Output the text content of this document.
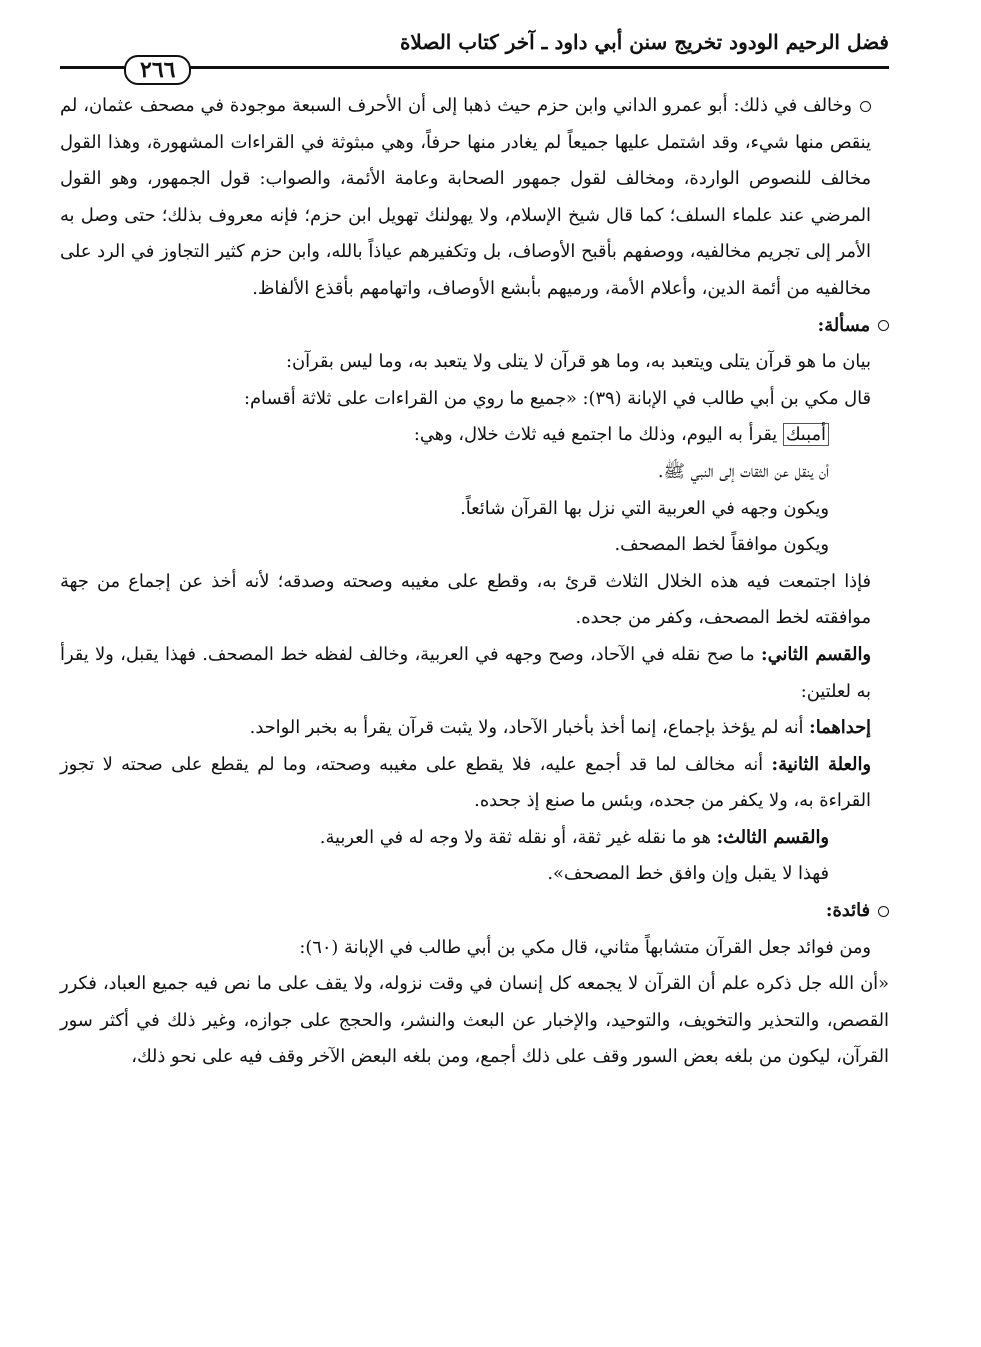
فضل الرحيم الودود تخريج سنن أبي داود ـ آخر كتاب الصلاة
٢٦٦

وخالف في ذلك: أبو عمرو الداني وابن حزم حيث ذهبا إلى أن الأحرف السبعة موجودة في مصحف عثمان، لم ينقص منها شيء، وقد اشتمل عليها جميعاً لم يغادر منها حرفاً، وهي مبثوثة في القراءات المشهورة، وهذا القول مخالف للنصوص الواردة، ومخالف لقول جمهور الصحابة وعامة الأئمة، والصواب: قول الجمهور، وهو القول المرضي عند علماء السلف؛ كما قال شيخ الإسلام، ولا يهولنك تهويل ابن حزم؛ فإنه معروف بذلك؛ حتى وصل به الأمر إلى تجريم مخالفيه، ووصفهم بأقبح الأوصاف، بل وتكفيرهم عياذاً بالله، وابن حزم كثير التجاوز في الرد على مخالفيه من أئمة الدين، وأعلام الأمة، ورميهم بأبشع الأوصاف، واتهامهم بأقذع الألفاظ.

مسألة:

بيان ما هو قرآن يتلى ويتعبد به، وما هو قرآن لا يتلى ولا يتعبد به، وما ليس بقرآن:

قال مكي بن أبي طالب في الإبانة (٣٩): «جميع ما روي من القراءات على ثلاثة أقسام:

أمبىك يقرأ به اليوم، وذلك ما اجتمع فيه ثلاث خلال، وهي:

أن ينقل عن الثقات إلى النبي ﷺ.

ويكون وجهه في العربية التي نزل بها القرآن شائعاً.

ويكون موافقاً لخط المصحف.

فإذا اجتمعت فيه هذه الخلال الثلاث قرئ به، وقطع على مغيبه وصحته وصدقه؛ لأنه أخذ عن إجماع من جهة موافقته لخط المصحف، وكفر من جحده.

والقسم الثاني: ما صح نقله في الآحاد، وصح وجهه في العربية، وخالف لفظه خط المصحف. فهذا يقبل، ولا يقرأ به لعلتين:

إحداهما: أنه لم يؤخذ بإجماع، إنما أخذ بأخبار الآحاد، ولا يثبت قرآن يقرأ به بخبر الواحد.

والعلة الثانية: أنه مخالف لما قد أجمع عليه، فلا يقطع على مغيبه وصحته، وما لم يقطع على صحته لا تجوز القراءة به، ولا يكفر من جحده، وبئس ما صنع إذ جحده.

والقسم الثالث: هو ما نقله غير ثقة، أو نقله ثقة ولا وجه له في العربية.

فهذا لا يقبل وإن وافق خط المصحف».

فائدة:

ومن فوائد جعل القرآن متشابهاً مثاني، قال مكي بن أبي طالب في الإبانة (٦٠):

«أن الله جل ذكره علم أن القرآن لا يجمعه كل إنسان في وقت نزوله، ولا يقف على ما نص فيه جميع العباد، فكرر القصص، والتحذير والتخويف، والتوحيد، والإخبار عن البعث والنشر، والحجج على جوازه، وغير ذلك في أكثر سور القرآن، ليكون من بلغه بعض السور وقف على ذلك أجمع، ومن بلغه البعض الآخر وقف فيه على نحو ذلك،
